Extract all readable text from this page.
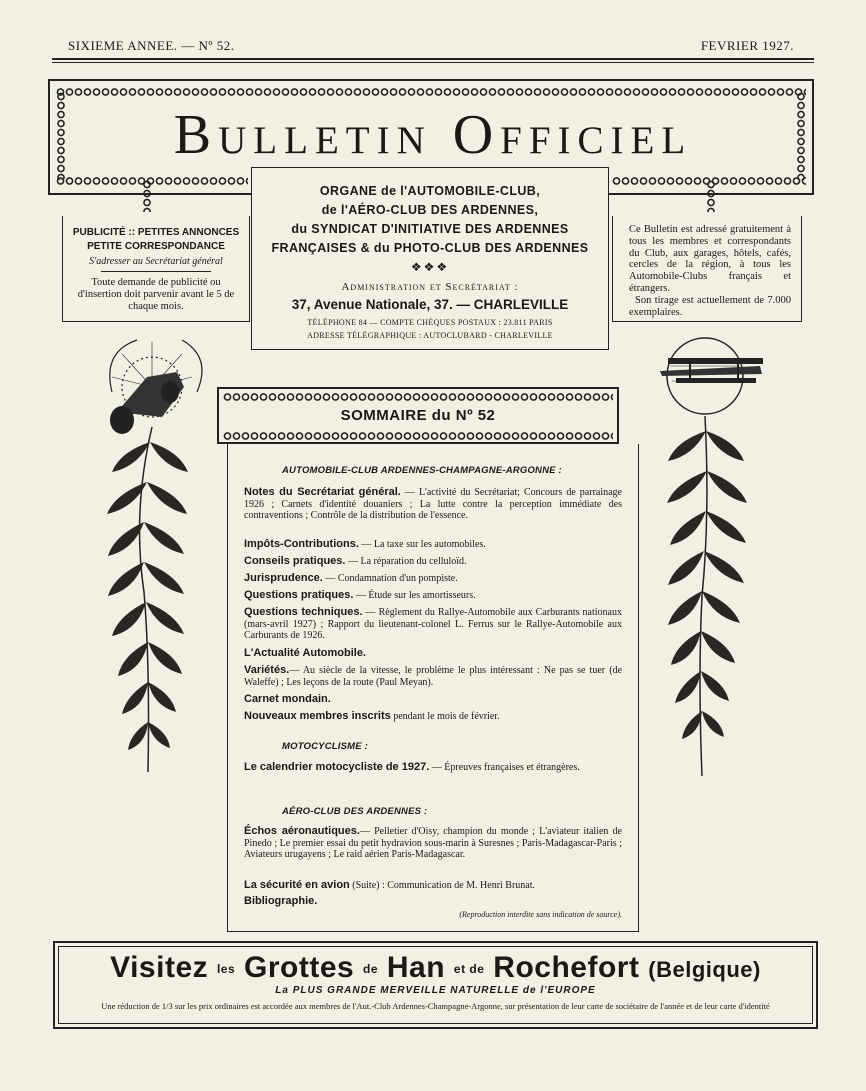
SIXIEME ANNEE. — Nº 52.	FEVRIER 1927.
Bulletin Officiel
PUBLICITÉ :: PETITES ANNONCES
PETITE CORRESPONDANCE
S'adresser au Secrétariat général
Toute demande de publicité ou d'insertion doit parvenir avant le 5 de chaque mois.
Ce Bulletin est adressé gratuitement à tous les membres et correspondants du Club, aux garages, hôtels, cafés, cercles de la région, à tous les Automobile-Clubs français et étrangers.
Son tirage est actuellement de 7.000 exemplaires.
ORGANE de l'AUTOMOBILE-CLUB,
de l'AÉRO-CLUB DES ARDENNES,
du SYNDICAT D'INITIATIVE DES ARDENNES
FRANÇAISES & du PHOTO-CLUB DES ARDENNES
❖❖❖
Administration et Secrétariat :
37, Avenue Nationale, 37. — CHARLEVILLE
TÉLÉPHONE 84 — COMPTE CHÈQUES POSTAUX : 23.811 PARIS
ADRESSE TÉLÉGRAPHIQUE : AUTOCLUBARD - CHARLEVILLE
SOMMAIRE du Nº 52
AUTOMOBILE-CLUB ARDENNES-CHAMPAGNE-ARGONNE :
Notes du Secrétariat général. — L'activité du Secrétariat; Concours de parrainage 1926 ; Carnets d'identité douaniers ; La lutte contre la perception immédiate des contraventions ; Contrôle de la distribution de l'essence.
Impôts-Contributions. — La taxe sur les automobiles.
Conseils pratiques. — La réparation du celluloïd.
Jurisprudence. — Condamnation d'un pompiste.
Questions pratiques. — Étude sur les amortisseurs.
Questions techniques. — Règlement du Rallye-Automobile aux Carburants nationaux (mars-avril 1927) ; Rapport du lieutenant-colonel L. Ferrus sur le Rallye-Automobile aux Carburants de 1926.
L'Actualité Automobile.
Variétés.— Au siècle de la vitesse, le problème le plus intéressant : Ne pas se tuer (de Waleffe) ; Les leçons de la route (Paul Meyan).
Carnet mondain.
Nouveaux membres inscrits pendant le mois de février.
MOTOCYCLISME :
Le calendrier motocycliste de 1927. — Épreuves françaises et étrangères.
AÉRO-CLUB DES ARDENNES :
Échos aéronautiques.— Pelletier d'Oisy, champion du monde ; L'aviateur italien de Pinedo ; Le premier essai du petit hydravion sous-marin à Suresnes ; Paris-Madagascar-Paris ; Aviateurs urugayens ; Le raid aérien Paris-Madagascar.
La sécurité en avion (Suite) : Communication de M. Henri Brunat.
Bibliographie.
(Reproduction interdite sans indication de source).
Visitez les Grottes de Han et de Rochefort (Belgique)
La PLUS GRANDE MERVEILLE NATURELLE de l'EUROPE
Une réduction de 1/3 sur les prix ordinaires est accordée aux membres de l'Aut.-Club Ardennes-Champagne-Argonne, sur présentation de leur carte de sociétaire de l'année et de leur carte d'identité
